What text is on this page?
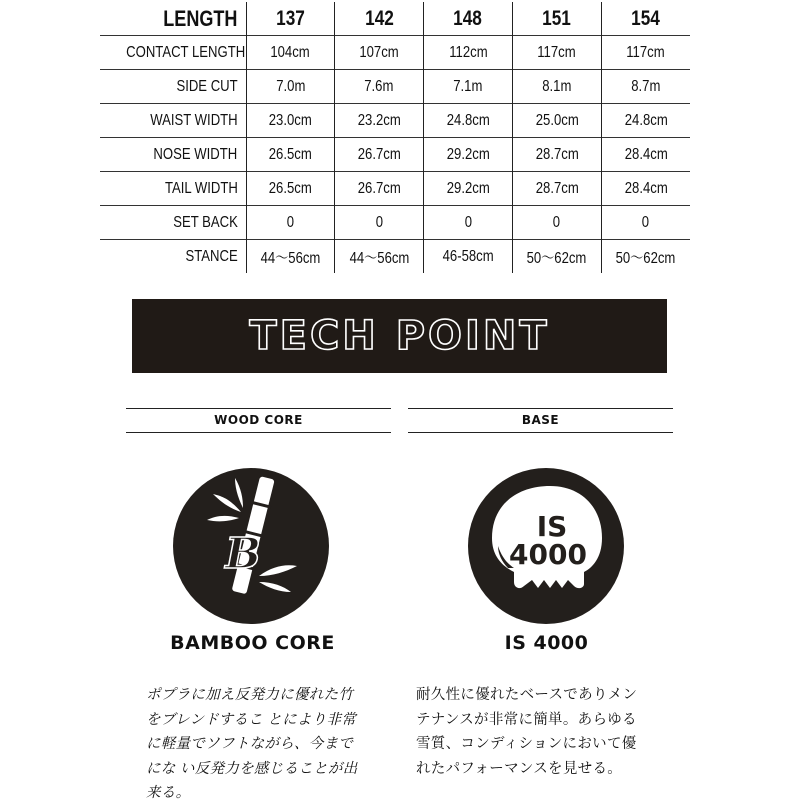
LENGTH	137	142	148	151	154
CONTACT LENGTH	104cm	107cm	112cm	117cm	117cm
SIDE CUT	7.0m	7.6m	7.1m	8.1m	8.7m
WAIST WIDTH	23.0cm	23.2cm	24.8cm	25.0cm	24.8cm
NOSE WIDTH	26.5cm	26.7cm	29.2cm	28.7cm	28.4cm
TAIL WIDTH	26.5cm	26.7cm	29.2cm	28.7cm	28.4cm
SET BACK	0	0	0	0	0
STANCE	44～56cm	44～56cm	46-58cm	50～62cm	50～62cm
TECH POINT
WOOD CORE
B
BAMBOO CORE
ポプラに加え反発力に優れた竹
をブレンドするこ とにより非常
に軽量でソフトながら、今まで
にな い反発力を感じることが出
来る。
BASE
IS
4000
IS 4000
耐久性に優れたベースでありメン
テナンスが非常に簡単。あらゆる
雪質、コンディションにおいて優
れたパフォーマンスを見せる。
